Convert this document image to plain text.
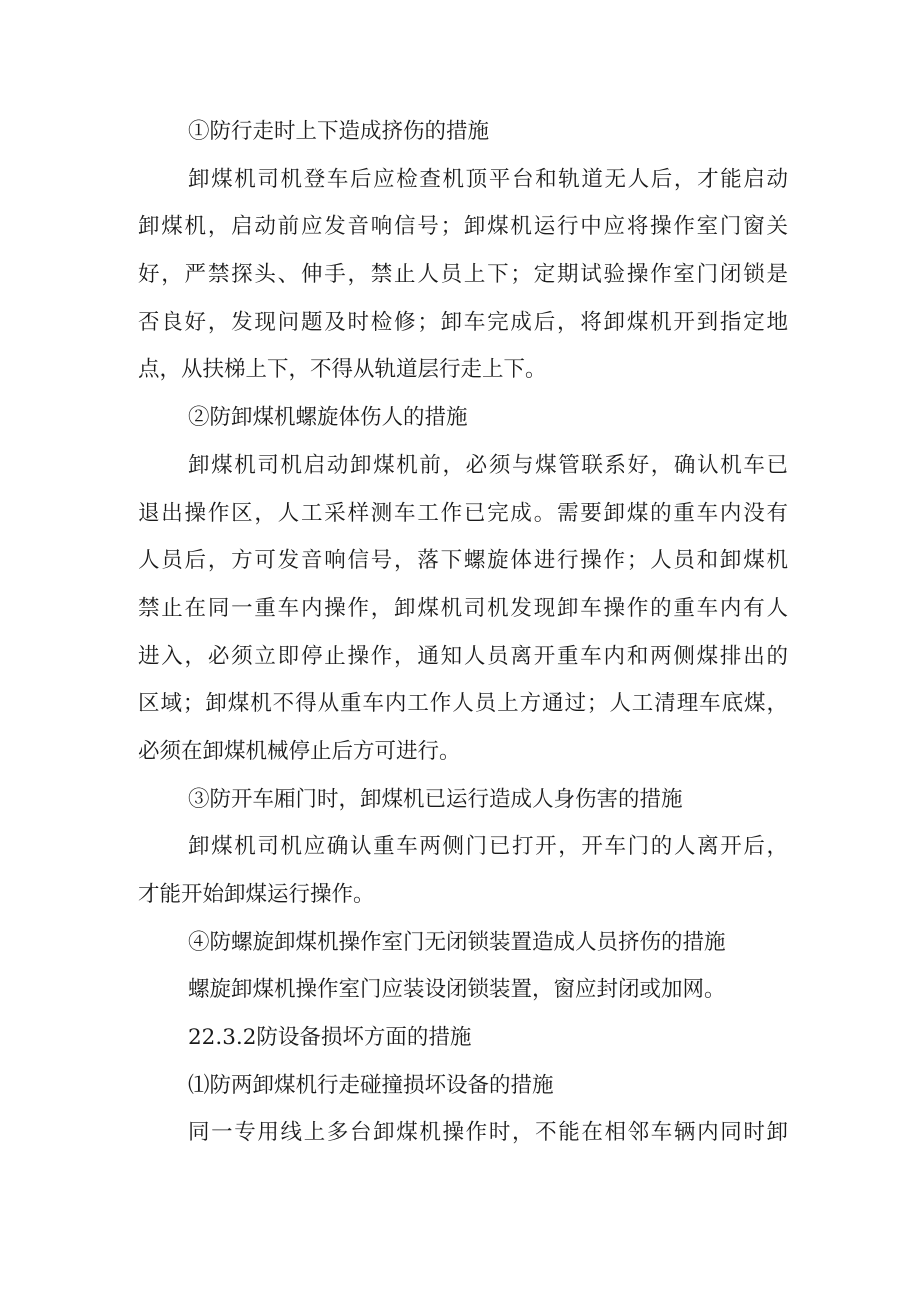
①防行走时上下造成挤伤的措施

卸煤机司机登车后应检查机顶平台和轨道无人后，才能启动

卸煤机，启动前应发音响信号；卸煤机运行中应将操作室门窗关

好，严禁探头、伸手，禁止人员上下；定期试验操作室门闭锁是

否良好，发现问题及时检修；卸车完成后，将卸煤机开到指定地

点，从扶梯上下，不得从轨道层行走上下。

②防卸煤机螺旋体伤人的措施

卸煤机司机启动卸煤机前，必须与煤管联系好，确认机车已

退出操作区，人工采样测车工作已完成。需要卸煤的重车内没有

人员后，方可发音响信号，落下螺旋体进行操作；人员和卸煤机

禁止在同一重车内操作，卸煤机司机发现卸车操作的重车内有人

进入，必须立即停止操作，通知人员离开重车内和两侧煤排出的

区域；卸煤机不得从重车内工作人员上方通过；人工清理车底煤，

必须在卸煤机械停止后方可进行。

③防开车厢门时，卸煤机已运行造成人身伤害的措施

卸煤机司机应确认重车两侧门已打开，开车门的人离开后，

才能开始卸煤运行操作。

④防螺旋卸煤机操作室门无闭锁装置造成人员挤伤的措施

螺旋卸煤机操作室门应装设闭锁装置，窗应封闭或加网。

22.3.2防设备损坏方面的措施

⑴防两卸煤机行走碰撞损坏设备的措施

同一专用线上多台卸煤机操作时，不能在相邻车辆内同时卸
